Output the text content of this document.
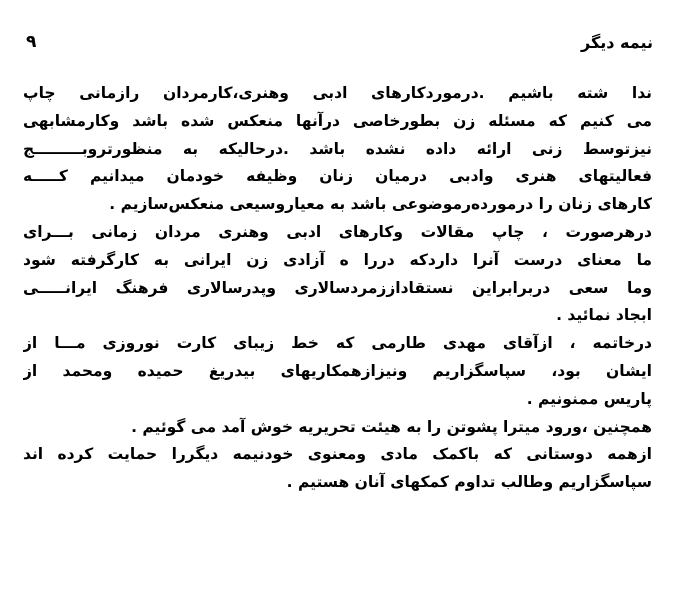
۹	نیمه دیگر
ندا شته باشیم .درموردکارهای ادبی وهنری،کارمردان رازمانی چاپ
می کنیم که مسئله زن بطورخاصی درآنها منعکس شده باشد وکارمشابهی
نیزتوسط زنی ارائه داده نشده باشد .درحالیکه به منظورتروبـــــــــج
فعالیتهای هنری وادبی درمیان زنان وظیفه خودمان میدانیم کـــــه
کارهای زنان را درمورده‌رموضوعی باشد به معیاروسیعی منعکس‌سازیم .
درهرصورت ، چاپ مقالات وکارهای ادبی وهنری مردان زمانی بـــرای
ما معنای درست آنرا داردکه دررا ه آزادی زن ایرانی به کارگرفته شود
وما سعی دربرابراین نستقاداززمردسالاری وپدرسالاری فرهنگ ایرانـــــی
ابجاد نمائید .
درخاتمه ، ازآقای مهدی طارمی که خط زیبای کارت نوروزی مـــا از
ایشان بود، سپاسگزاریم ونیزازهمکاریهای بیدریغ حمیده ومحمد از
پاریس ممنونیم .
همچنین ،ورود میترا پشوتن را به هیئت تحریریه خوش آمد می گوئیم .
ازهمه دوستانی که باکمک مادی ومعنوی خودنیمه دیگررا حمایت کرده اند
سپاسگزاریم وطالب تداوم کمکهای آنان هستیم .
